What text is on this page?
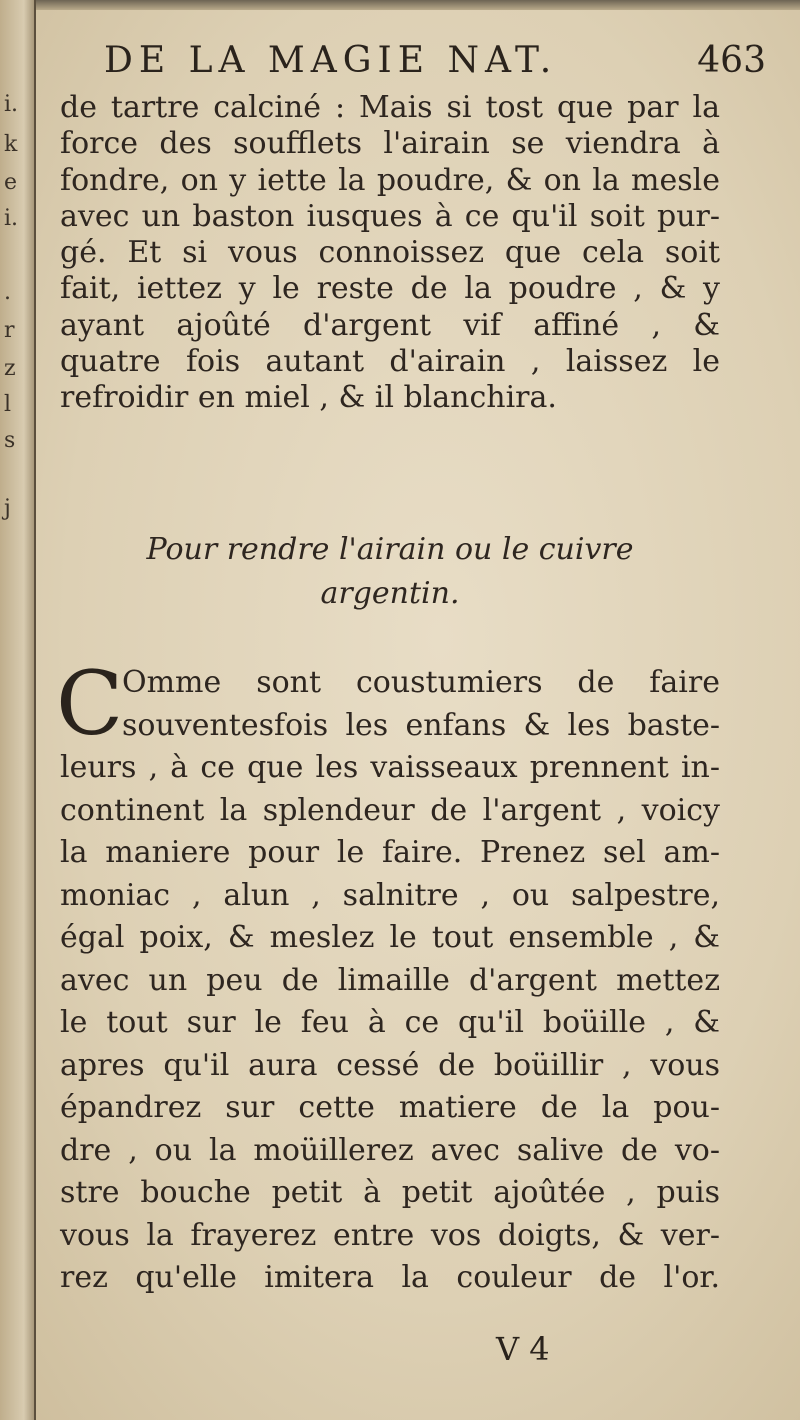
i.
k
e
i.
.
r
z
l
s
j
DE LA MAGIE NAT.	463
de tartre calciné : Mais si tost que par la
force des soufflets l'airain se viendra à
fondre, on y iette la poudre, & on la mesle
avec un baston iusques à ce qu'il soit pur-
gé. Et si vous connoissez que cela soit
fait, iettez y le reste de la poudre , & y
ayant ajoûté d'argent vif affiné , &
quatre fois autant d'airain , laissez le
refroidir en miel , & il blanchira.
Pour rendre l'airain ou le cuivre
argentin.
C
Omme sont coustumiers de faire
souventesfois les enfans & les baste-
leurs , à ce que les vaisseaux prennent in-
continent la splendeur de l'argent , voicy
la maniere pour le faire. Prenez sel am-
moniac , alun , salnitre , ou salpestre,
égal poix, & meslez le tout ensemble , &
avec un peu de limaille d'argent mettez
le tout sur le feu à ce qu'il boüille , &
apres qu'il aura cessé de boüillir , vous
épandrez sur cette matiere de la pou-
dre , ou la moüillerez avec salive de vo-
stre bouche petit à petit ajoûtée , puis
vous la frayerez entre vos doigts, & ver-
rez qu'elle imitera la couleur de l'or.
V 4
